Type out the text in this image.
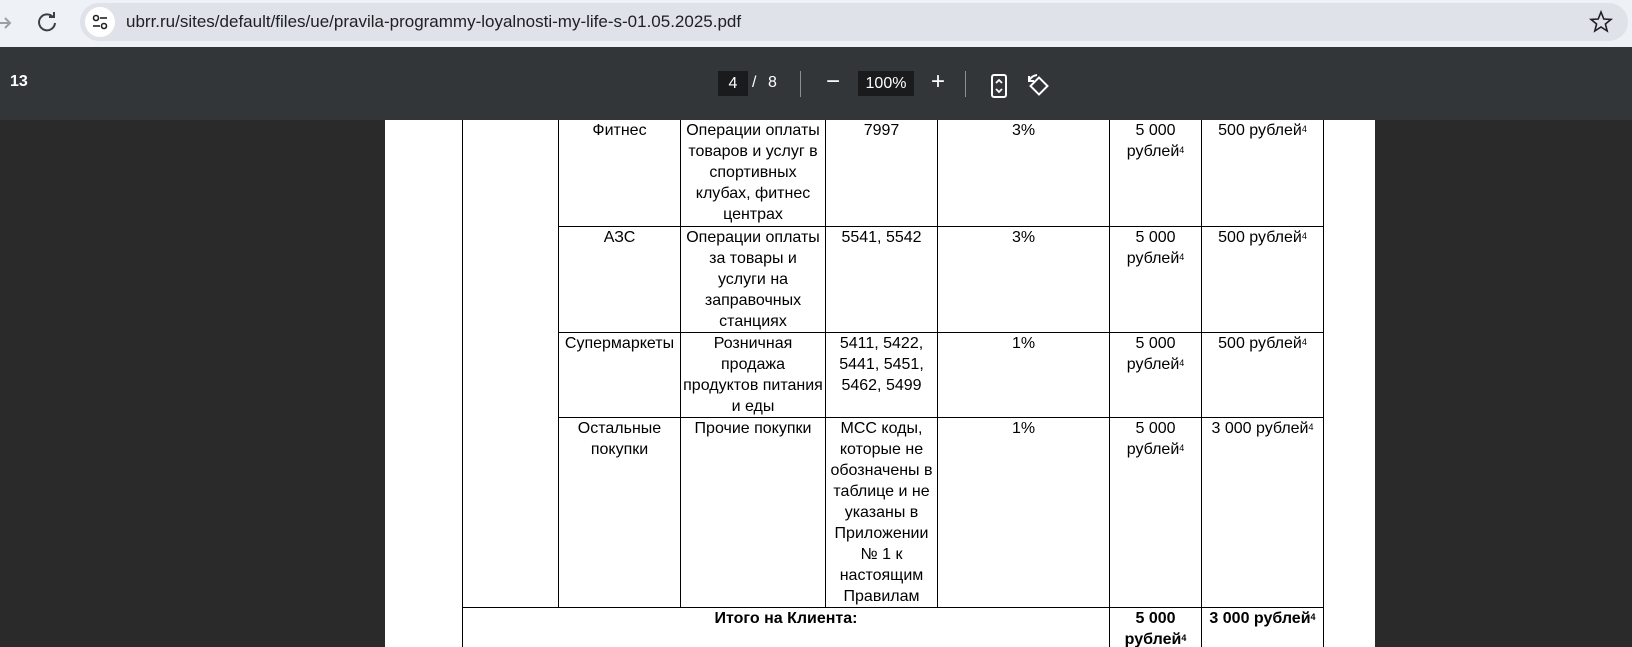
ubrr.ru/sites/default/files/ue/pravila-programmy-loyalnosti-my-life-s-01.05.2025.pdf
13
4	/ 8	−
100%	+
	Фитнес	Операции оплаты товаров и услуг в спортивных клубах, фитнес центрах	7997	3%	5 000 рублей$^4$	500 рублей$^4$
	АЗС	Операции оплаты за товары и услуги на заправочных станциях	5541, 5542	3%	5 000 рублей$^4$	500 рублей$^4$
	Супермаркеты	Розничная продажа продуктов питания и еды	5411, 5422, 5441, 5451, 5462, 5499	1%	5 000 рублей$^4$	500 рублей$^4$
	Остальные покупки	Прочие покупки	МСС коды, которые не обозначены в таблице и не указаны в Приложении № 1 к настоящим Правилам	1%	5 000 рублей$^4$	3 000 рублей$^4$
Итого на Клиента:					5 000 рублей$^4$	3 000 рублей$^4$
